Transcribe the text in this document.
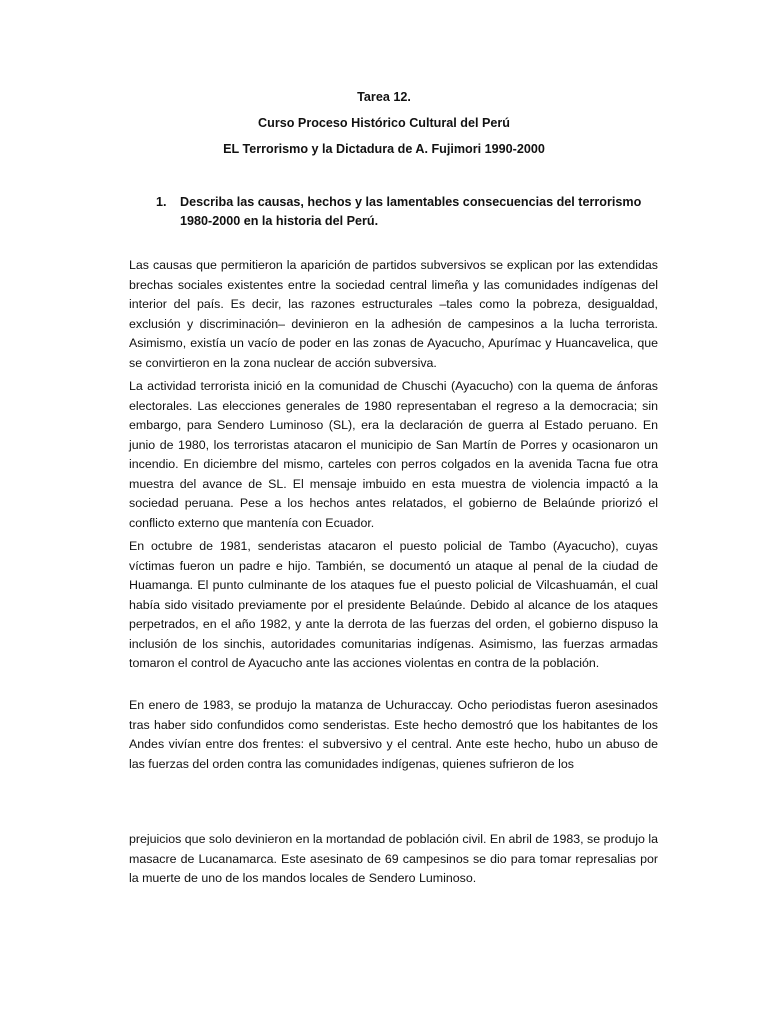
Tarea 12.
Curso Proceso Histórico Cultural del Perú
EL Terrorismo y la Dictadura de A. Fujimori 1990-2000
1.	Describa las causas, hechos y las lamentables consecuencias del terrorismo 1980-2000 en la historia del Perú.

Las causas que permitieron la aparición de partidos subversivos se explican por las extendidas brechas sociales existentes entre la sociedad central limeña y las comunidades indígenas del interior del país. Es decir, las razones estructurales –tales como la pobreza, desigualdad, exclusión y discriminación– devinieron en la adhesión de campesinos a la lucha terrorista. Asimismo, existía un vacío de poder en las zonas de Ayacucho, Apurímac y Huancavelica, que se convirtieron en la zona nuclear de acción subversiva.

La actividad terrorista inició en la comunidad de Chuschi (Ayacucho) con la quema de ánforas electorales. Las elecciones generales de 1980 representaban el regreso a la democracia; sin embargo, para Sendero Luminoso (SL), era la declaración de guerra al Estado peruano. En junio de 1980, los terroristas atacaron el municipio de San Martín de Porres y ocasionaron un incendio. En diciembre del mismo, carteles con perros colgados en la avenida Tacna fue otra muestra del avance de SL. El mensaje imbuido en esta muestra de violencia impactó a la sociedad peruana. Pese a los hechos antes relatados, el gobierno de Belaúnde priorizó el conflicto externo que mantenía con Ecuador.

En octubre de 1981, senderistas atacaron el puesto policial de Tambo (Ayacucho), cuyas víctimas fueron un padre e hijo. También, se documentó un ataque al penal de la ciudad de Huamanga. El punto culminante de los ataques fue el puesto policial de Vilcashuamán, el cual había sido visitado previamente por el presidente Belaúnde. Debido al alcance de los ataques perpetrados, en el año 1982, y ante la derrota de las fuerzas del orden, el gobierno dispuso la inclusión de los sinchis, autoridades comunitarias indígenas. Asimismo, las fuerzas armadas tomaron el control de Ayacucho ante las acciones violentas en contra de la población.

En enero de 1983, se produjo la matanza de Uchuraccay. Ocho periodistas fueron asesinados tras haber sido confundidos como senderistas. Este hecho demostró que los habitantes de los Andes vivían entre dos frentes: el subversivo y el central. Ante este hecho, hubo un abuso de las fuerzas del orden contra las comunidades indígenas, quienes sufrieron de los

prejuicios que solo devinieron en la mortandad de población civil. En abril de 1983, se produjo la masacre de Lucanamarca. Este asesinato de 69 campesinos se dio para tomar represalias por la muerte de uno de los mandos locales de Sendero Luminoso.
